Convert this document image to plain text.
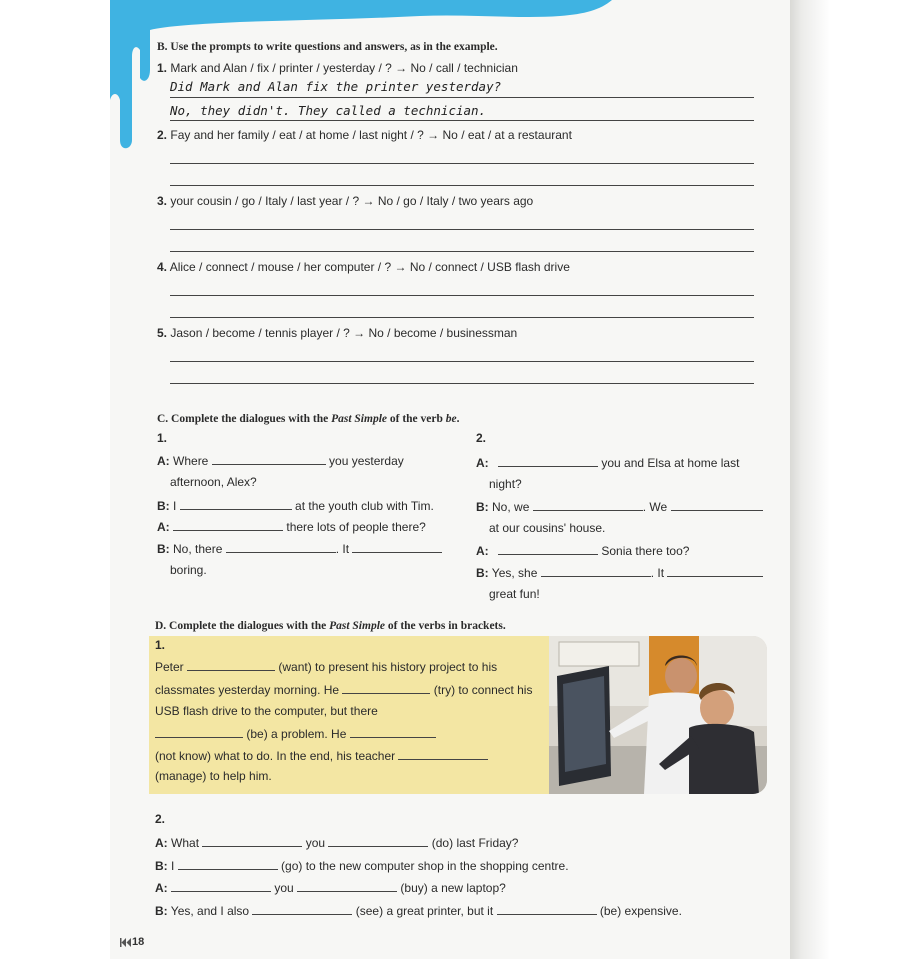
B. Use the prompts to write questions and answers, as in the example.
1. Mark and Alan / fix / printer / yesterday / ? → No / call / technician
Did Mark and Alan fix the printer yesterday?
No, they didn't. They called a technician.
2. Fay and her family / eat / at home / last night / ? → No / eat / at a restaurant
3. your cousin / go / Italy / last year / ? → No / go / Italy / two years ago
4. Alice / connect / mouse / her computer / ? → No / connect / USB flash drive
5. Jason / become / tennis player / ? → No / become / businessman
C. Complete the dialogues with the Past Simple of the verb be.
1.	2.
A: Where	you yesterday
afternoon, Alex?
B: I	at the youth club with Tim.
A:	there lots of people there?
B: No, there	. It
boring.
A:	you and Elsa at home last
night?
B: No, we	. We
at our cousins' house.
A:	Sonia there too?
B: Yes, she	. It
great fun!
D. Complete the dialogues with the Past Simple of the verbs in brackets.
1.
Peter	(want) to present his history project to his
classmates yesterday morning. He	(try) to connect his
USB flash drive to the computer, but there
(be) a problem. He
(not know) what to do. In the end, his teacher
(manage) to help him.
2.
A: What	you	(do) last Friday?
B: I	(go) to the new computer shop in the shopping centre.
A:	you	(buy) a new laptop?
B: Yes, and I also	(see) a great printer, but it	(be) expensive.
18
